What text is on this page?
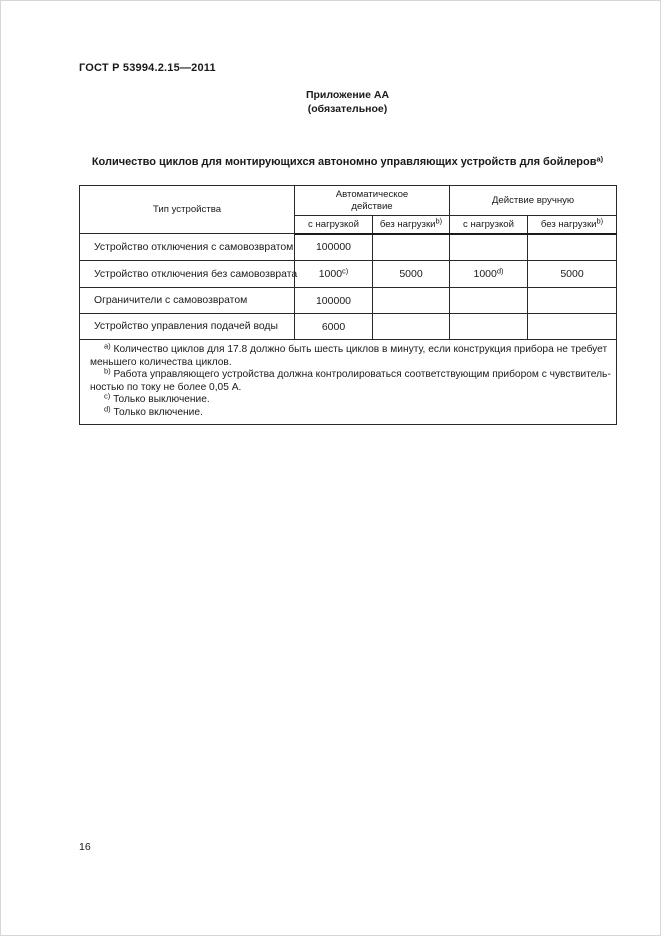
ГОСТ Р 53994.2.15—2011
Приложение АА
(обязательное)
Количество циклов для монтирующихся автономно управляющих устройств для бойлеров$^{а)}$
Тип устройства	Автоматическое действие		Действие вручную	
	с нагрузкой	без нагрузки$^{b)}$	с нагрузкой	без нагрузки$^{b)}$
Устройство отключения с самовозвратом	100000			
Устройство отключения без самовозврата	1000$^{c)}$	5000	1000$^{d)}$	5000
Ограничители с самовозвратом	100000			
Устройство управления подачей воды	6000			

$^{а)}$ Количество циклов для 17.8 должно быть шесть циклов в минуту, если конструкция прибора не требует
меньшего количества циклов.
$^{b)}$ Работа управляющего устройства должна контролироваться соответствующим прибором с чувствитель-
ностью по току не более 0,05 А.
$^{c)}$ Только выключение.
$^{d)}$ Только включение.
16
